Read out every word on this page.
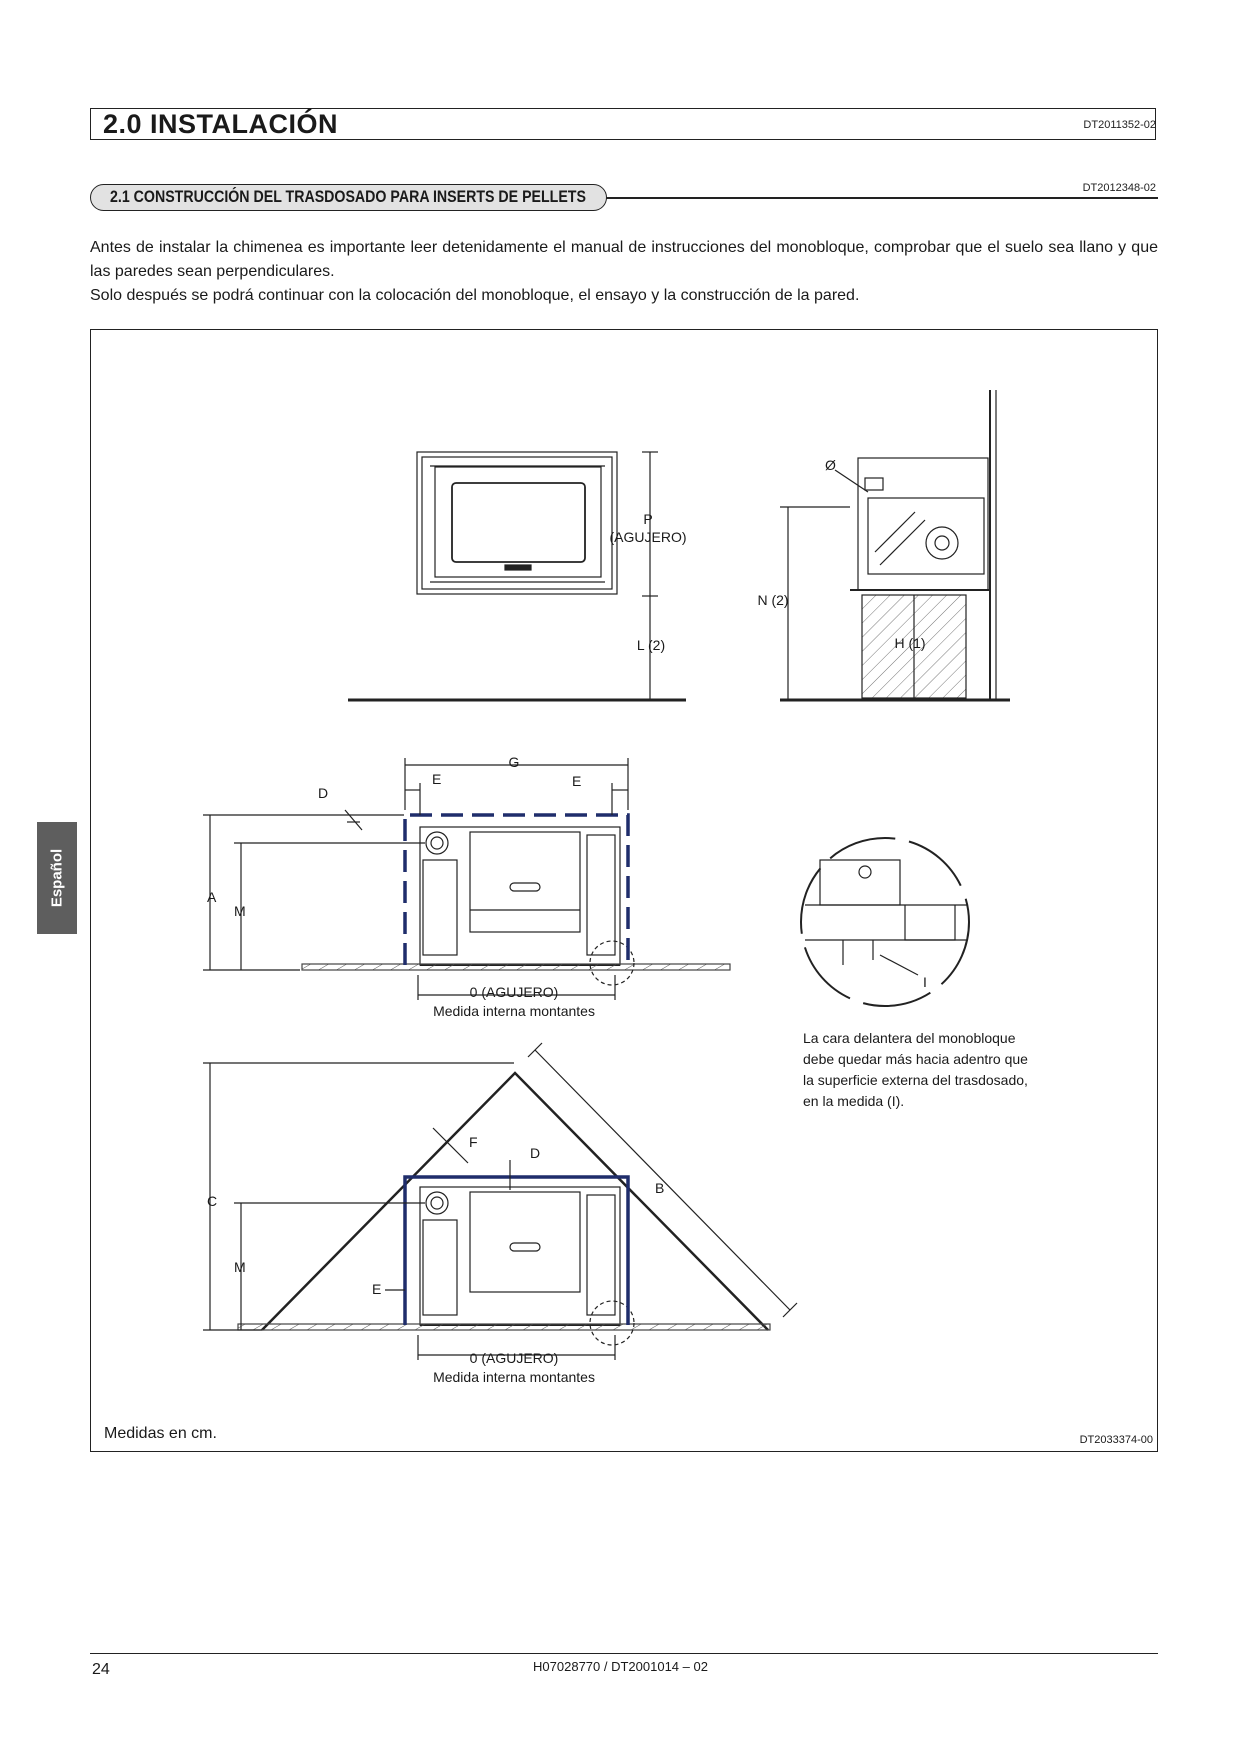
2.0 INSTALACIÓN	DT2011352-02
2.1 CONSTRUCCIÓN DEL TRASDOSADO PARA INSERTS DE PELLETS	DT2012348-02

Antes de instalar la chimenea es importante leer detenidamente el manual de instrucciones del monobloque, comprobar que el suelo sea llano y que las paredes sean perpendiculares.

Solo después se podrá continuar con la colocación del monobloque, el ensayo y la construcción de la pared.

P
(AGUJERO)
L (2)
Ø
N (2)
H (1)
G
E	E
D
A
M
0 (AGUJERO)
Medida interna montantes
I
C
M
F
D
B
E
0 (AGUJERO)
Medida interna montantes
La cara delantera del monobloque
debe quedar más hacia adentro que
la superficie externa del trasdosado,
en la medida (I).
Medidas en cm.	DT2033374-00
Español
24	H07028770 / DT2001014 – 02
